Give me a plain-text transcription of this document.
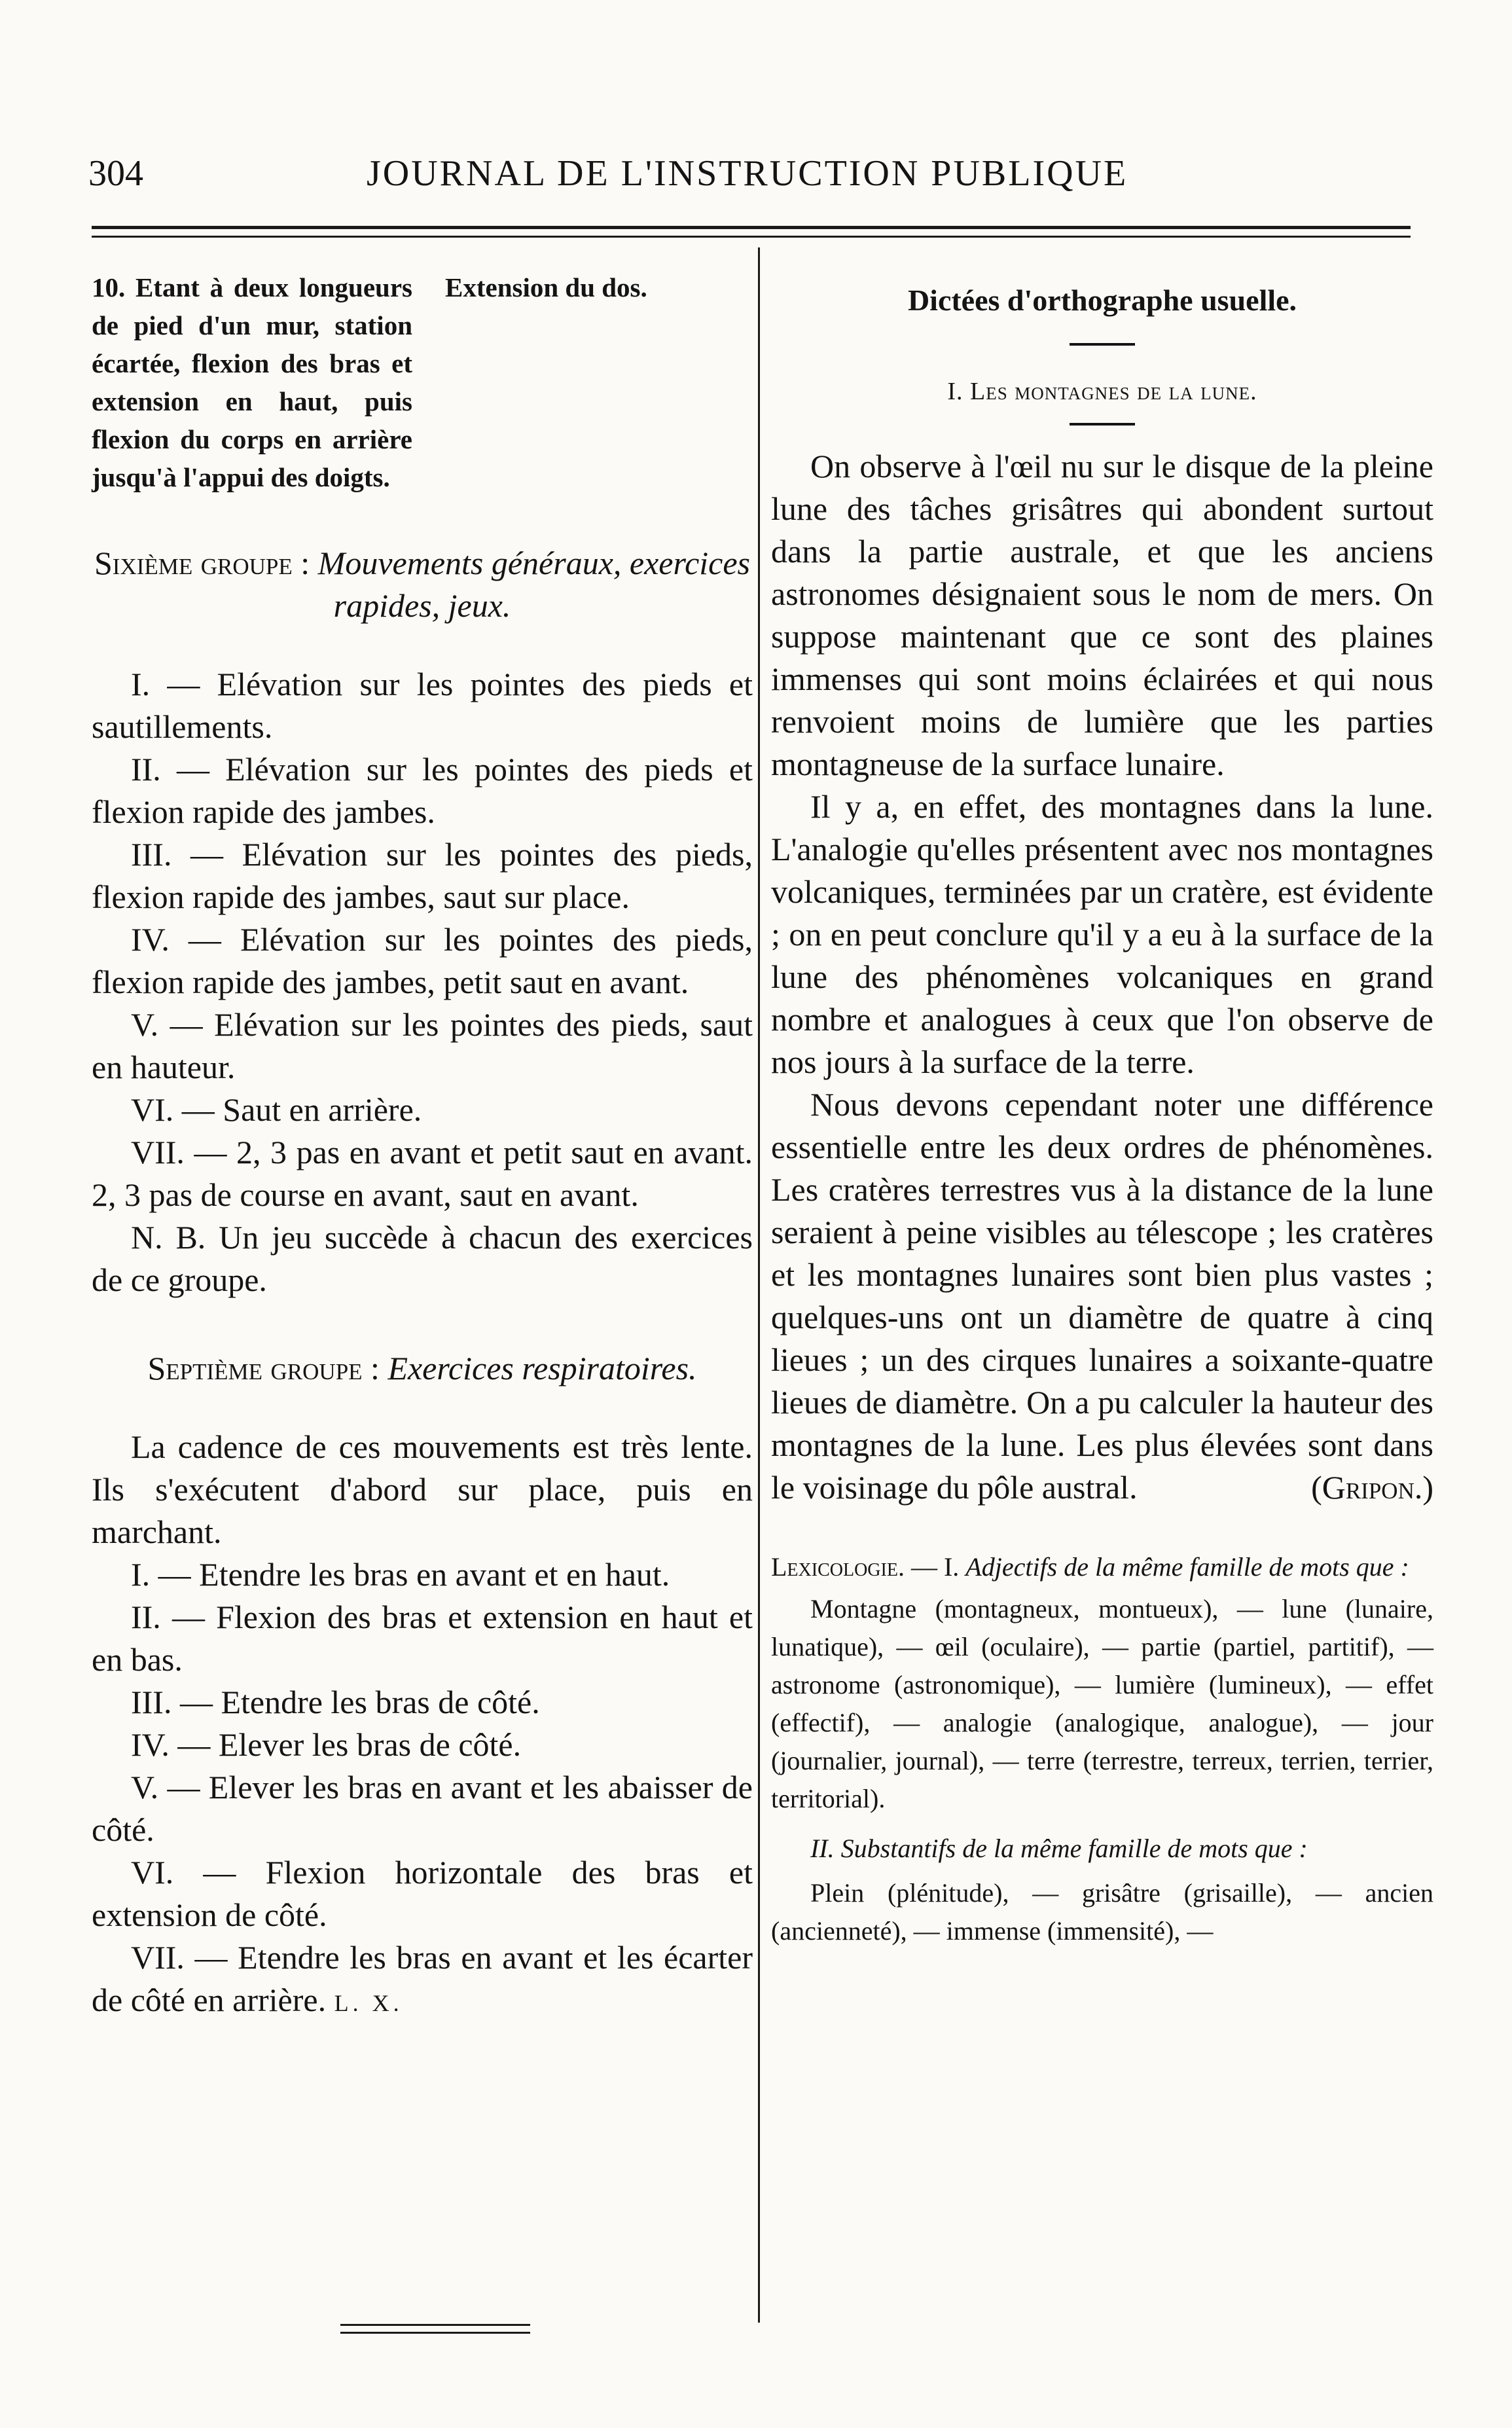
304	JOURNAL DE L'INSTRUCTION PUBLIQUE

10. Etant à deux longueurs de pied d'un mur, station écartée, flexion des bras et extension en haut, puis flexion du corps en arrière jusqu'à l'appui des doigts.

Extension du dos.

Sixième groupe : Mouvements généraux, exercices rapides, jeux.

I. — Elévation sur les pointes des pieds et sautillements.

II. — Elévation sur les pointes des pieds et flexion rapide des jambes.

III. — Elévation sur les pointes des pieds, flexion rapide des jambes, saut sur place.

IV. — Elévation sur les pointes des pieds, flexion rapide des jambes, petit saut en avant.

V. — Elévation sur les pointes des pieds, saut en hauteur.

VI. — Saut en arrière.

VII. — 2, 3 pas en avant et petit saut en avant. 2, 3 pas de course en avant, saut en avant.

N. B. Un jeu succède à chacun des exercices de ce groupe.

Septième groupe : Exercices respiratoires.

La cadence de ces mouvements est très lente. Ils s'exécutent d'abord sur place, puis en marchant.

I. — Etendre les bras en avant et en haut.

II. — Flexion des bras et extension en haut et en bas.

III. — Etendre les bras de côté.

IV. — Elever les bras de côté.

V. — Elever les bras en avant et les abaisser de côté.

VI. — Flexion horizontale des bras et extension de côté.

VII. — Etendre les bras en avant et les écarter de côté en arrière. L. X.

Dictées d'orthographe usuelle.

I. Les montagnes de la lune.

On observe à l'œil nu sur le disque de la pleine lune des tâches grisâtres qui abondent surtout dans la partie australe, et que les anciens astronomes désignaient sous le nom de mers. On suppose maintenant que ce sont des plaines immenses qui sont moins éclairées et qui nous renvoient moins de lumière que les parties montagneuse de la surface lunaire.

Il y a, en effet, des montagnes dans la lune. L'analogie qu'elles présentent avec nos montagnes volcaniques, terminées par un cratère, est évidente ; on en peut conclure qu'il y a eu à la surface de la lune des phénomènes volcaniques en grand nombre et analogues à ceux que l'on observe de nos jours à la surface de la terre.

Nous devons cependant noter une différence essentielle entre les deux ordres de phénomènes. Les cratères terrestres vus à la distance de la lune seraient à peine visibles au télescope ; les cratères et les montagnes lunaires sont bien plus vastes ; quelques-uns ont un diamètre de quatre à cinq lieues ; un des cirques lunaires a soixante-quatre lieues de diamètre. On a pu calculer la hauteur des montagnes de la lune. Les plus élevées sont dans le voisinage du pôle austral.	(Gripon.)

Lexicologie. — I. Adjectifs de la même famille de mots que :

Montagne (montagneux, montueux), — lune (lunaire, lunatique), — œil (oculaire), — partie (partiel, partitif), — astronome (astronomique), — lumière (lumineux), — effet (effectif), — analogie (analogique, analogue), — jour (journalier, journal), — terre (terrestre, terreux, terrien, terrier, territorial).

II. Substantifs de la même famille de mots que :

Plein (plénitude), — grisâtre (grisaille), — ancien (ancienneté), — immense (immensité), —
